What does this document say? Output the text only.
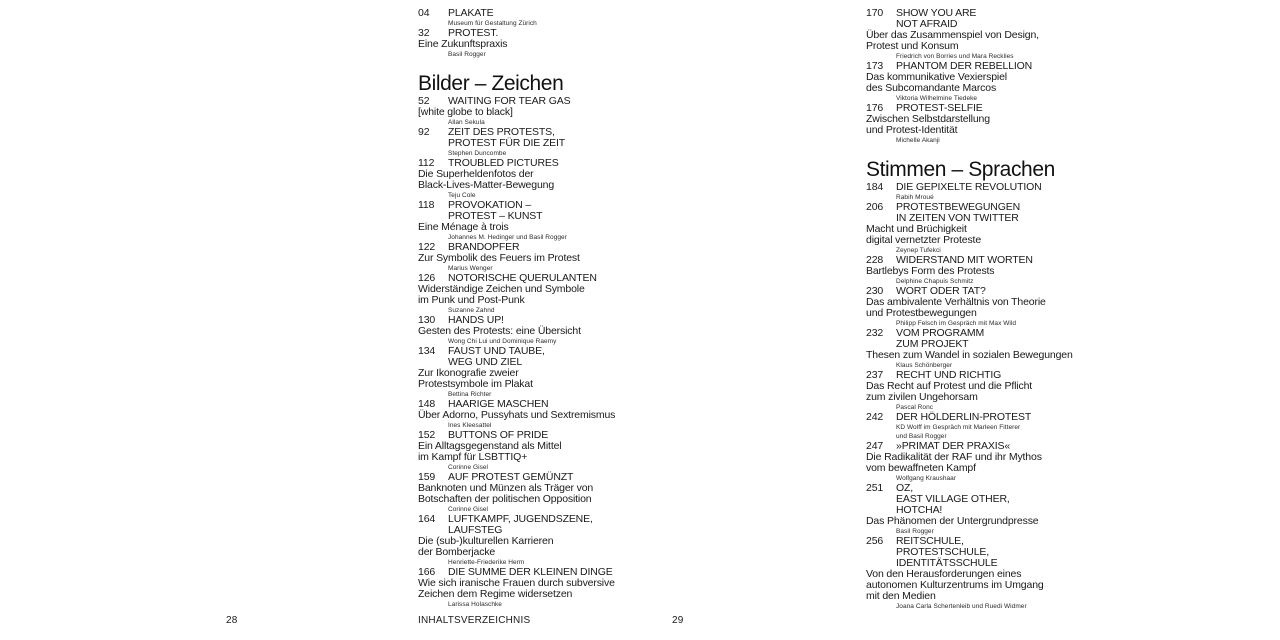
04 PLAKATE
Museum für Gestaltung Zürich
32 PROTEST.
Eine Zukunftspraxis
Basil Rogger
Bilder – Zeichen
52 WAITING FOR TEAR GAS
[white globe to black]
Allan Sekula
92 ZEIT DES PROTESTS,
PROTEST FÜR DIE ZEIT
Stephen Duncombe
112 TROUBLED PICTURES
Die Superheldenfotos der
Black-Lives-Matter-Bewegung
Teju Cole
118 PROVOKATION –
PROTEST – KUNST
Eine Ménage à trois
Johannes M. Hedinger und Basil Rogger
122 BRANDOPFER
Zur Symbolik des Feuers im Protest
Marius Wenger
126 NOTORISCHE QUERULANTEN
Widerständige Zeichen und Symbole
im Punk und Post-Punk
Suzanne Zahnd
130 HANDS UP!
Gesten des Protests: eine Übersicht
Wong Chi Lui und Dominique Raemy
134 FAUST UND TAUBE,
WEG UND ZIEL
Zur Ikonografie zweier
Protestsymbole im Plakat
Bettina Richter
148 HAARIGE MASCHEN
Über Adorno, Pussyhats und Sextremismus
Ines Kleesattel
152 BUTTONS OF PRIDE
Ein Alltagsgegenstand als Mittel
im Kampf für LSBTTIQ+
Corinne Gisel
159 AUF PROTEST GEMÜNZT
Banknoten und Münzen als Träger von
Botschaften der politischen Opposition
Corinne Gisel
164 LUFTKAMPF, JUGENDSZENE,
LAUFSTEG
Die (sub-)kulturellen Karrieren
der Bomberjacke
Henriette-Friederike Herm
166 DIE SUMME DER KLEINEN DINGE
Wie sich iranische Frauen durch subversive
Zeichen dem Regime widersetzen
Larissa Holaschke
170 SHOW YOU ARE
NOT AFRAID
Über das Zusammenspiel von Design,
Protest und Konsum
Friedrich von Borries und Mara Recklies
173 PHANTOM DER REBELLION
Das kommunikative Vexierspiel
des Subcomandante Marcos
Viktoria Wilhelmine Tiedeke
176 PROTEST-SELFIE
Zwischen Selbstdarstellung
und Protest-Identität
Michelle Akanji
Stimmen – Sprachen
184 DIE GEPIXELTE REVOLUTION
Rabih Mroué
206 PROTESTBEWEGUNGEN
IN ZEITEN VON TWITTER
Macht und Brüchigkeit
digital vernetzter Proteste
Zeynep Tufekci
228 WIDERSTAND MIT WORTEN
Bartlebys Form des Protests
Delphine Chapuis Schmitz
230 WORT ODER TAT?
Das ambivalente Verhältnis von Theorie
und Protestbewegungen
Philipp Felsch im Gespräch mit Max Wild
232 VOM PROGRAMM
ZUM PROJEKT
Thesen zum Wandel in sozialen Bewegungen
Klaus Schönberger
237 RECHT UND RICHTIG
Das Recht auf Protest und die Pflicht
zum zivilen Ungehorsam
Pascal Ronc
242 DER HÖLDERLIN-PROTEST
KD Wolff im Gespräch mit Marleen Fitterer
und Basil Rogger
247 »PRIMAT DER PRAXIS«
Die Radikalität der RAF und ihr Mythos
vom bewaffneten Kampf
Wolfgang Kraushaar
251 OZ,
EAST VILLAGE OTHER,
HOTCHA!
Das Phänomen der Untergrundpresse
Basil Rogger
256 REITSCHULE,
PROTESTSCHULE,
IDENTITÄTSSCHULE
Von den Herausforderungen eines
autonomen Kulturzentrums im Umgang
mit den Medien
Joana Carla Schertenleib und Ruedi Widmer
28	INHALTSVERZEICHNIS	29
